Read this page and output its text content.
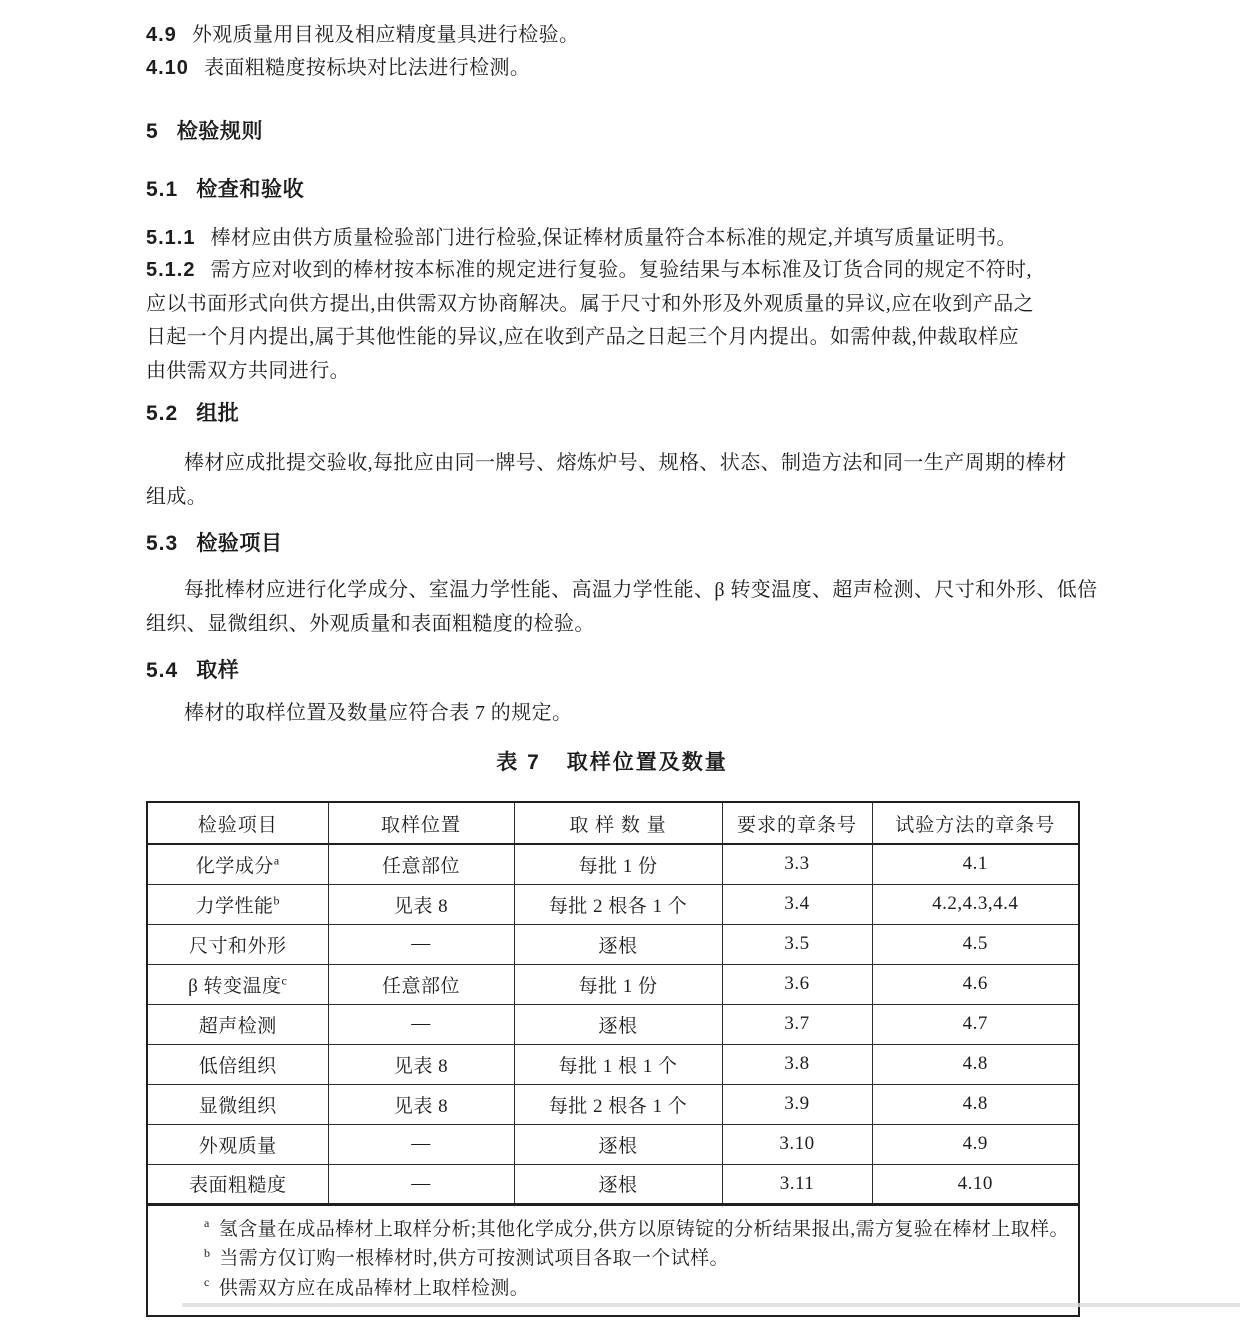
4.9 外观质量用目视及相应精度量具进行检验。
4.10 表面粗糙度按标块对比法进行检测。
5 检验规则
5.1 检查和验收
5.1.1 棒材应由供方质量检验部门进行检验,保证棒材质量符合本标准的规定,并填写质量证明书。
5.1.2 需方应对收到的棒材按本标准的规定进行复验。复验结果与本标准及订货合同的规定不符时,
应以书面形式向供方提出,由供需双方协商解决。属于尺寸和外形及外观质量的异议,应在收到产品之
日起一个月内提出,属于其他性能的异议,应在收到产品之日起三个月内提出。如需仲裁,仲裁取样应
由供需双方共同进行。
5.2 组批
棒材应成批提交验收,每批应由同一牌号、熔炼炉号、规格、状态、制造方法和同一生产周期的棒材
组成。
5.3 检验项目
每批棒材应进行化学成分、室温力学性能、高温力学性能、β 转变温度、超声检测、尺寸和外形、低倍
组织、显微组织、外观质量和表面粗糙度的检验。
5.4 取样
棒材的取样位置及数量应符合表 7 的规定。
表 7 取样位置及数量
检验项目	取样位置	取 样 数 量	要求的章条号	试验方法的章条号
化学成分$^a$	任意部位	每批 1 份	3.3	4.1
力学性能$^b$	见表 8	每批 2 根各 1 个	3.4	4.2,4.3,4.4
尺寸和外形	—	逐根	3.5	4.5
β 转变温度$^c$	任意部位	每批 1 份	3.6	4.6
超声检测	—	逐根	3.7	4.7
低倍组织	见表 8	每批 1 根 1 个	3.8	4.8
显微组织	见表 8	每批 2 根各 1 个	3.9	4.8
外观质量	—	逐根	3.10	4.9
表面粗糙度	—	逐根	3.11	4.10

$^a$ 氢含量在成品棒材上取样分析;其他化学成分,供方以原铸锭的分析结果报出,需方复验在棒材上取样。
$^b$ 当需方仅订购一根棒材时,供方可按测试项目各取一个试样。
$^c$ 供需双方应在成品棒材上取样检测。				
